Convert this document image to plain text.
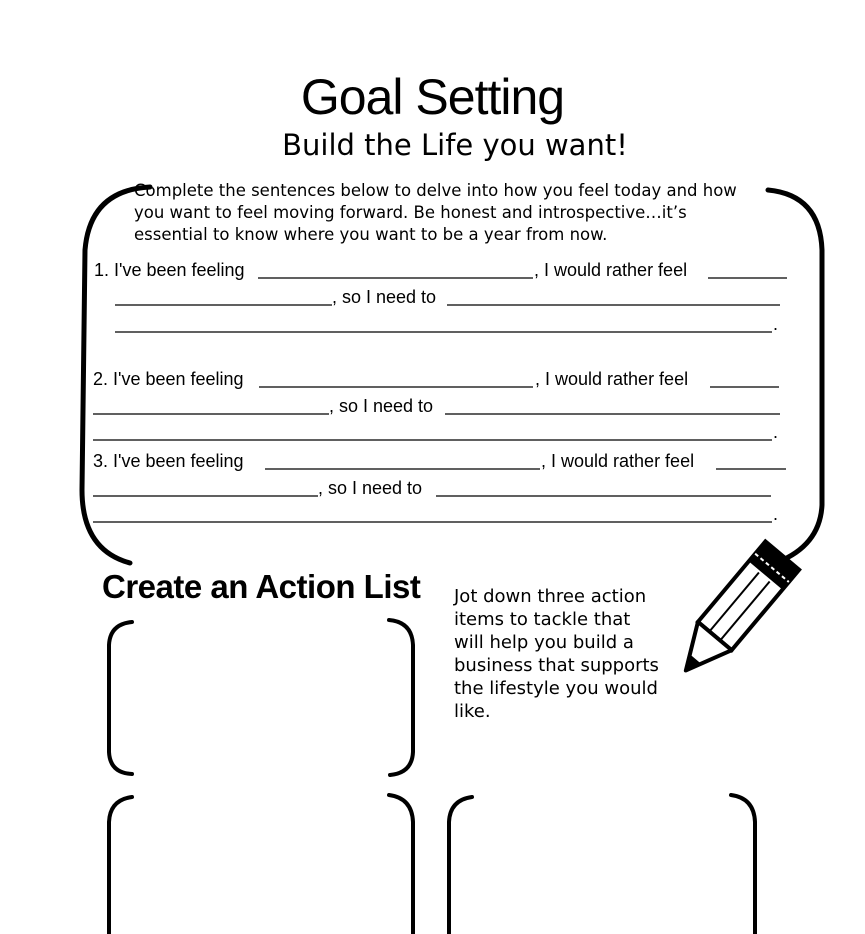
Goal Setting
Build the Life you want!
Complete the sentences below to delve into how you feel today and how
you want to feel moving forward. Be honest and introspective…it’s
essential to know where you want to be a year from now.
1. I've been feeling	, I would rather feel
, so I need to
.
2. I've been feeling	, I would rather feel
, so I need to
.
3. I've been feeling	, I would rather feel
, so I need to
.
Create an Action List Jot down three action
items to tackle that
will help you build a
business that supports
the lifestyle you would
like.
